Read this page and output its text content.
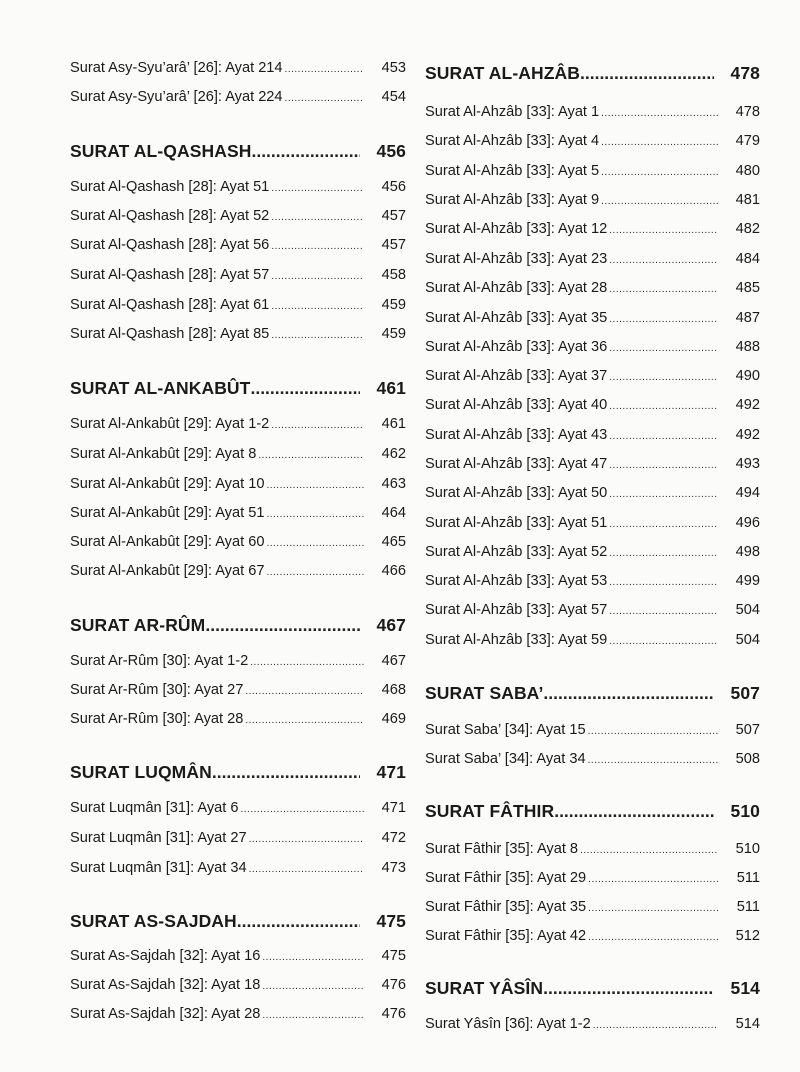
Surat Asy-Syu’arâ’ [26]: Ayat 214 .....	453
Surat Asy-Syu’arâ’ [26]: Ayat 224 .....	454
SURAT AL-QASHASH .....	456
Surat Al-Qashash [28]: Ayat 51 .....	456
Surat Al-Qashash [28]: Ayat 52 .....	457
Surat Al-Qashash [28]: Ayat 56 .....	457
Surat Al-Qashash [28]: Ayat 57 .....	458
Surat Al-Qashash [28]: Ayat 61 .....	459
Surat Al-Qashash [28]: Ayat 85 .....	459
SURAT AL-ANKABÛT .....	461
Surat Al-Ankabût [29]: Ayat 1-2 .....	461
Surat Al-Ankabût [29]: Ayat 8 .....	462
Surat Al-Ankabût [29]: Ayat 10 .....	463
Surat Al-Ankabût [29]: Ayat 51 .....	464
Surat Al-Ankabût [29]: Ayat 60 .....	465
Surat Al-Ankabût [29]: Ayat 67 .....	466
SURAT AR-RÛM .....	467
Surat Ar-Rûm [30]: Ayat 1-2 .....	467
Surat Ar-Rûm [30]: Ayat 27 .....	468
Surat Ar-Rûm [30]: Ayat 28 .....	469
SURAT LUQMÂN .....	471
Surat Luqmân [31]: Ayat 6 .....	471
Surat Luqmân [31]: Ayat 27 .....	472
Surat Luqmân [31]: Ayat 34 .....	473
SURAT AS-SAJDAH .....	475
Surat As-Sajdah [32]: Ayat 16 .....	475
Surat As-Sajdah [32]: Ayat 18 .....	476
Surat As-Sajdah [32]: Ayat 28 .....	476
SURAT AL-AHZÂB .....	478
Surat Al-Ahzâb [33]: Ayat 1 .....	478
Surat Al-Ahzâb [33]: Ayat 4 .....	479
Surat Al-Ahzâb [33]: Ayat 5 .....	480
Surat Al-Ahzâb [33]: Ayat 9 .....	481
Surat Al-Ahzâb [33]: Ayat 12 .....	482
Surat Al-Ahzâb [33]: Ayat 23 .....	484
Surat Al-Ahzâb [33]: Ayat 28 .....	485
Surat Al-Ahzâb [33]: Ayat 35 .....	487
Surat Al-Ahzâb [33]: Ayat 36 .....	488
Surat Al-Ahzâb [33]: Ayat 37 .....	490
Surat Al-Ahzâb [33]: Ayat 40 .....	492
Surat Al-Ahzâb [33]: Ayat 43 .....	492
Surat Al-Ahzâb [33]: Ayat 47 .....	493
Surat Al-Ahzâb [33]: Ayat 50 .....	494
Surat Al-Ahzâb [33]: Ayat 51 .....	496
Surat Al-Ahzâb [33]: Ayat 52 .....	498
Surat Al-Ahzâb [33]: Ayat 53 .....	499
Surat Al-Ahzâb [33]: Ayat 57 .....	504
Surat Al-Ahzâb [33]: Ayat 59 .....	504
SURAT SABA’ .....	507
Surat Saba’ [34]: Ayat 15 .....	507
Surat Saba’ [34]: Ayat 34 .....	508
SURAT FÂTHIR .....	510
Surat Fâthir [35]: Ayat 8 .....	510
Surat Fâthir [35]: Ayat 29 .....	511
Surat Fâthir [35]: Ayat 35 .....	511
Surat Fâthir [35]: Ayat 42 .....	512
SURAT YÂSÎN .....	514
Surat Yâsîn [36]: Ayat 1-2 .....	514
